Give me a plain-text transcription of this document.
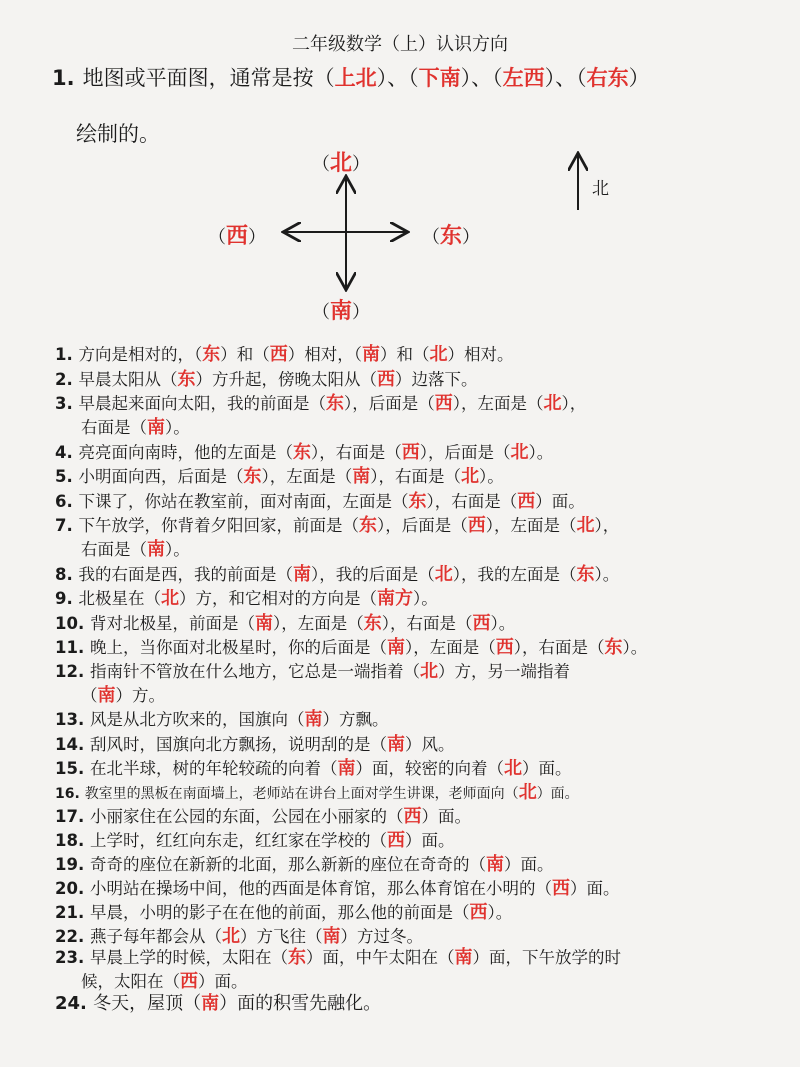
二年级数学（上）认识方向
1. 地图或平面图，通常是按（上北）、（下南）、（左西）、（右东）
绘制的。
（北）
（南）
（西）	（东）
北
1. 方向是相对的，（东）和（西）相对，（南）和（北）相对。
2. 早晨太阳从（东）方升起，傍晚太阳从（西）边落下。
3. 早晨起来面向太阳，我的前面是（东），后面是（西），左面是（北），
右面是（南）。
4. 亮亮面向南時，他的左面是（东），右面是（西），后面是（北）。
5. 小明面向西，后面是（东），左面是（南），右面是（北）。
6. 下课了，你站在教室前，面对南面，左面是（东），右面是（西）面。
7. 下午放学，你背着夕阳回家，前面是（东），后面是（西），左面是（北），
右面是（南）。
8. 我的右面是西，我的前面是（南），我的后面是（北），我的左面是（东）。
9. 北极星在（北）方，和它相对的方向是（南方）。
10. 背对北极星，前面是（南），左面是（东），右面是（西）。
11. 晚上，当你面对北极星时，你的后面是（南），左面是（西），右面是（东）。
12. 指南针不管放在什么地方，它总是一端指着（北）方，另一端指着
（南）方。
13. 风是从北方吹来的，国旗向（南）方飘。
14. 刮风时，国旗向北方飘扬，说明刮的是（南）风。
15. 在北半球，树的年轮较疏的向着（南）面，较密的向着（北）面。
16. 教室里的黑板在南面墙上，老师站在讲台上面对学生讲课，老师面向（北）面。
17. 小丽家住在公园的东面，公园在小丽家的（西）面。
18. 上学时，红红向东走，红红家在学校的（西）面。
19. 奇奇的座位在新新的北面，那么新新的座位在奇奇的（南）面。
20. 小明站在操场中间，他的西面是体育馆，那么体育馆在小明的（西）面。
21. 早晨，小明的影子在在他的前面，那么他的前面是（西）。
22. 燕子每年都会从（北）方飞往（南）方过冬。
23. 早晨上学的时候，太阳在（东）面，中午太阳在（南）面，下午放学的时
候，太阳在（西）面。
24. 冬天，屋顶（南）面的积雪先融化。
